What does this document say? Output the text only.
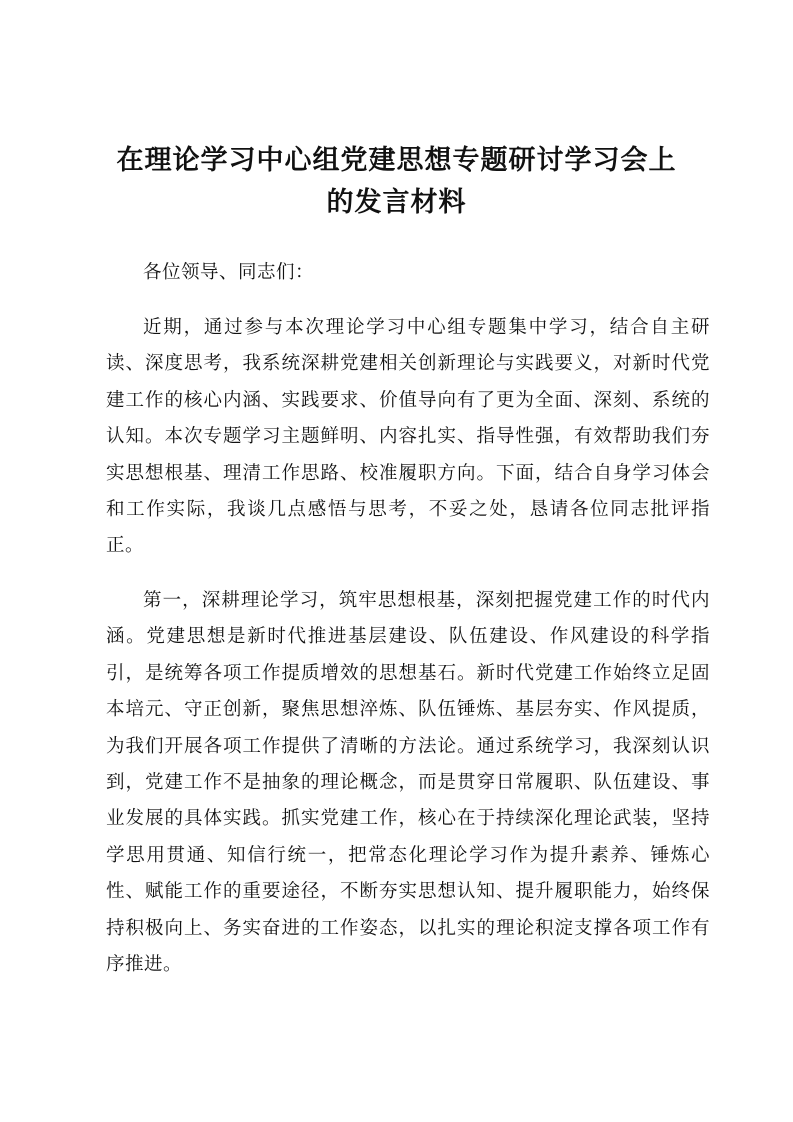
在理论学习中心组党建思想专题研讨学习会上
的发言材料

各位领导、同志们：

近期，通过参与本次理论学习中心组专题集中学习，结合自主研读、深度思考，我系统深耕党建相关创新理论与实践要义，对新时代党建工作的核心内涵、实践要求、价值导向有了更为全面、深刻、系统的认知。本次专题学习主题鲜明、内容扎实、指导性强，有效帮助我们夯实思想根基、理清工作思路、校准履职方向。下面，结合自身学习体会和工作实际，我谈几点感悟与思考，不妥之处，恳请各位同志批评指正。

第一，深耕理论学习，筑牢思想根基，深刻把握党建工作的时代内涵。党建思想是新时代推进基层建设、队伍建设、作风建设的科学指引，是统筹各项工作提质增效的思想基石。新时代党建工作始终立足固本培元、守正创新，聚焦思想淬炼、队伍锤炼、基层夯实、作风提质，为我们开展各项工作提供了清晰的方法论。通过系统学习，我深刻认识到，党建工作不是抽象的理论概念，而是贯穿日常履职、队伍建设、事业发展的具体实践。抓实党建工作，核心在于持续深化理论武装，坚持学思用贯通、知信行统一，把常态化理论学习作为提升素养、锤炼心性、赋能工作的重要途径，不断夯实思想认知、提升履职能力，始终保持积极向上、务实奋进的工作姿态，以扎实的理论积淀支撑各项工作有序推进。
